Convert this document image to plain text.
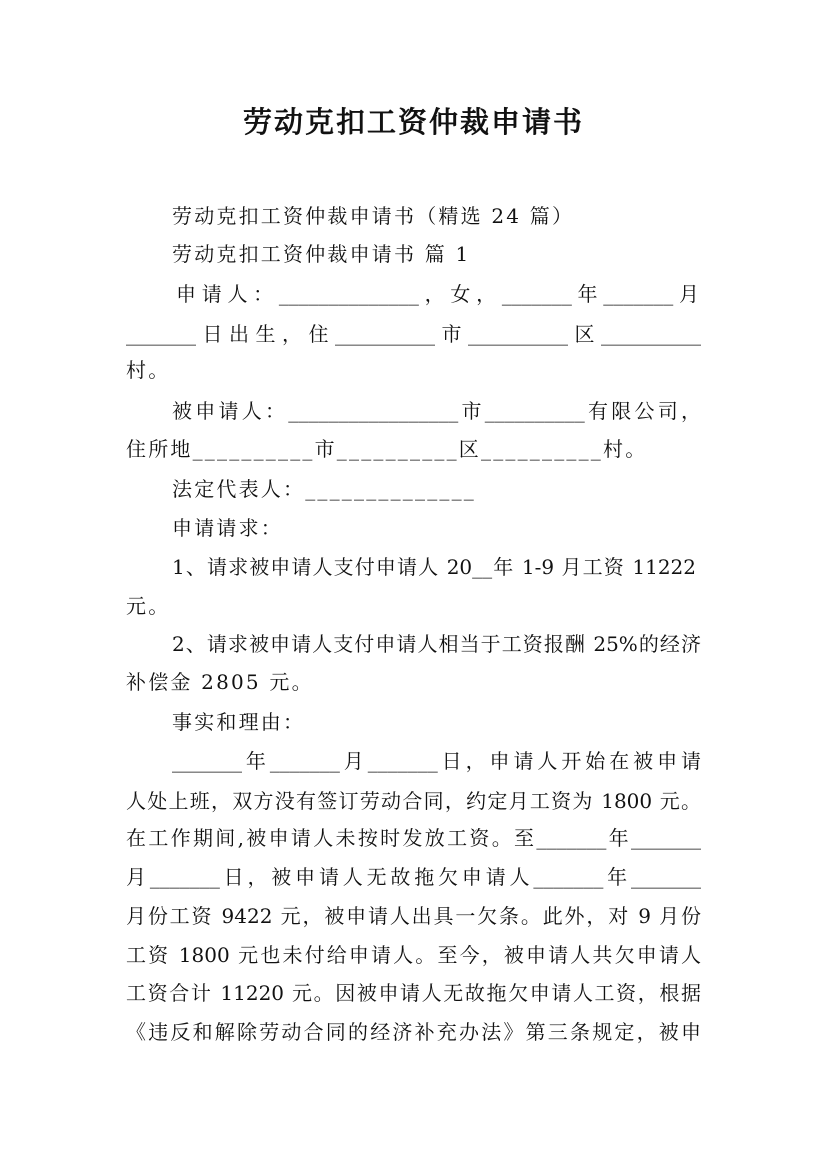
劳动克扣工资仲裁申请书

劳动克扣工资仲裁申请书（精选 24 篇）

劳动克扣工资仲裁申请书 篇 1

申请人：______________，女，_______年_______月

_______日出生，住__________市__________区__________

村。

被申请人：_________________市__________有限公司，

住所地__________市__________区__________村。

法定代表人：______________

申请请求：

1、请求被申请人支付申请人 20__年 1-9 月工资 11222

元。

2、请求被申请人支付申请人相当于工资报酬 25%的经济

补偿金 2805 元。

事实和理由：

_______年_______月_______日，申请人开始在被申请

人处上班，双方没有签订劳动合同，约定月工资为 1800 元。

在工作期间,被申请人未按时发放工资。至_______年_______

月_______日，被申请人无故拖欠申请人_______年_______

月份工资 9422 元，被申请人出具一欠条。此外，对 9 月份

工资 1800 元也未付给申请人。至今，被申请人共欠申请人

工资合计 11220 元。因被申请人无故拖欠申请人工资，根据

《违反和解除劳动合同的经济补充办法》第三条规定，被申
